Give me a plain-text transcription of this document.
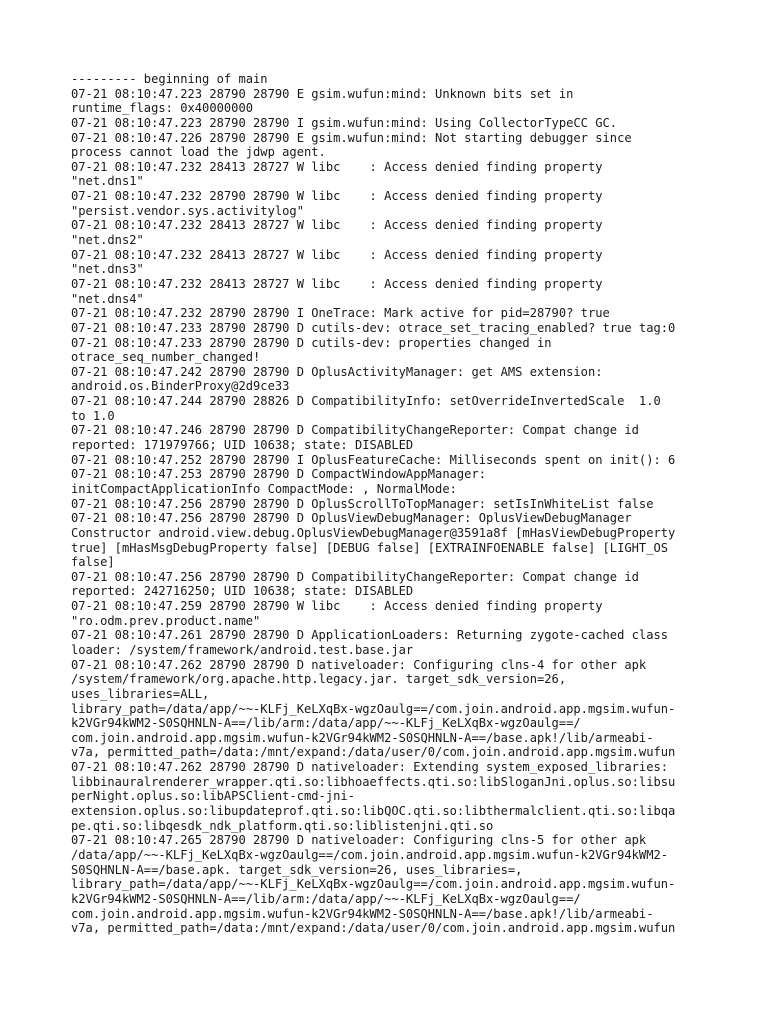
--------- beginning of main
07-21 08:10:47.223 28790 28790 E gsim.wufun:mind: Unknown bits set in
runtime_flags: 0x40000000
07-21 08:10:47.223 28790 28790 I gsim.wufun:mind: Using CollectorTypeCC GC.
07-21 08:10:47.226 28790 28790 E gsim.wufun:mind: Not starting debugger since
process cannot load the jdwp agent.
07-21 08:10:47.232 28413 28727 W libc    : Access denied finding property
"net.dns1"
07-21 08:10:47.232 28790 28790 W libc    : Access denied finding property
"persist.vendor.sys.activitylog"
07-21 08:10:47.232 28413 28727 W libc    : Access denied finding property
"net.dns2"
07-21 08:10:47.232 28413 28727 W libc    : Access denied finding property
"net.dns3"
07-21 08:10:47.232 28413 28727 W libc    : Access denied finding property
"net.dns4"
07-21 08:10:47.232 28790 28790 I OneTrace: Mark active for pid=28790? true
07-21 08:10:47.233 28790 28790 D cutils-dev: otrace_set_tracing_enabled? true tag:0
07-21 08:10:47.233 28790 28790 D cutils-dev: properties changed in
otrace_seq_number_changed!
07-21 08:10:47.242 28790 28790 D OplusActivityManager: get AMS extension:
android.os.BinderProxy@2d9ce33
07-21 08:10:47.244 28790 28826 D CompatibilityInfo: setOverrideInvertedScale  1.0
to 1.0
07-21 08:10:47.246 28790 28790 D CompatibilityChangeReporter: Compat change id
reported: 171979766; UID 10638; state: DISABLED
07-21 08:10:47.252 28790 28790 I OplusFeatureCache: Milliseconds spent on init(): 6
07-21 08:10:47.253 28790 28790 D CompactWindowAppManager:
initCompactApplicationInfo CompactMode: , NormalMode:
07-21 08:10:47.256 28790 28790 D OplusScrollToTopManager: setIsInWhiteList false
07-21 08:10:47.256 28790 28790 D OplusViewDebugManager: OplusViewDebugManager
Constructor android.view.debug.OplusViewDebugManager@3591a8f [mHasViewDebugProperty
true] [mHasMsgDebugProperty false] [DEBUG false] [EXTRAINFOENABLE false] [LIGHT_OS
false]
07-21 08:10:47.256 28790 28790 D CompatibilityChangeReporter: Compat change id
reported: 242716250; UID 10638; state: DISABLED
07-21 08:10:47.259 28790 28790 W libc    : Access denied finding property
"ro.odm.prev.product.name"
07-21 08:10:47.261 28790 28790 D ApplicationLoaders: Returning zygote-cached class
loader: /system/framework/android.test.base.jar
07-21 08:10:47.262 28790 28790 D nativeloader: Configuring clns-4 for other apk
/system/framework/org.apache.http.legacy.jar. target_sdk_version=26,
uses_libraries=ALL,
library_path=/data/app/~~-KLFj_KeLXqBx-wgzOaulg==/com.join.android.app.mgsim.wufun-
k2VGr94kWM2-S0SQHNLN-A==/lib/arm:/data/app/~~-KLFj_KeLXqBx-wgzOaulg==/
com.join.android.app.mgsim.wufun-k2VGr94kWM2-S0SQHNLN-A==/base.apk!/lib/armeabi-
v7a, permitted_path=/data:/mnt/expand:/data/user/0/com.join.android.app.mgsim.wufun
07-21 08:10:47.262 28790 28790 D nativeloader: Extending system_exposed_libraries:
libbinauralrenderer_wrapper.qti.so:libhoaeffects.qti.so:libSloganJni.oplus.so:libsu
perNight.oplus.so:libAPSClient-cmd-jni-
extension.oplus.so:libupdateprof.qti.so:libQOC.qti.so:libthermalclient.qti.so:libqa
pe.qti.so:libqesdk_ndk_platform.qti.so:liblistenjni.qti.so
07-21 08:10:47.265 28790 28790 D nativeloader: Configuring clns-5 for other apk
/data/app/~~-KLFj_KeLXqBx-wgzOaulg==/com.join.android.app.mgsim.wufun-k2VGr94kWM2-
S0SQHNLN-A==/base.apk. target_sdk_version=26, uses_libraries=,
library_path=/data/app/~~-KLFj_KeLXqBx-wgzOaulg==/com.join.android.app.mgsim.wufun-
k2VGr94kWM2-S0SQHNLN-A==/lib/arm:/data/app/~~-KLFj_KeLXqBx-wgzOaulg==/
com.join.android.app.mgsim.wufun-k2VGr94kWM2-S0SQHNLN-A==/base.apk!/lib/armeabi-
v7a, permitted_path=/data:/mnt/expand:/data/user/0/com.join.android.app.mgsim.wufun
